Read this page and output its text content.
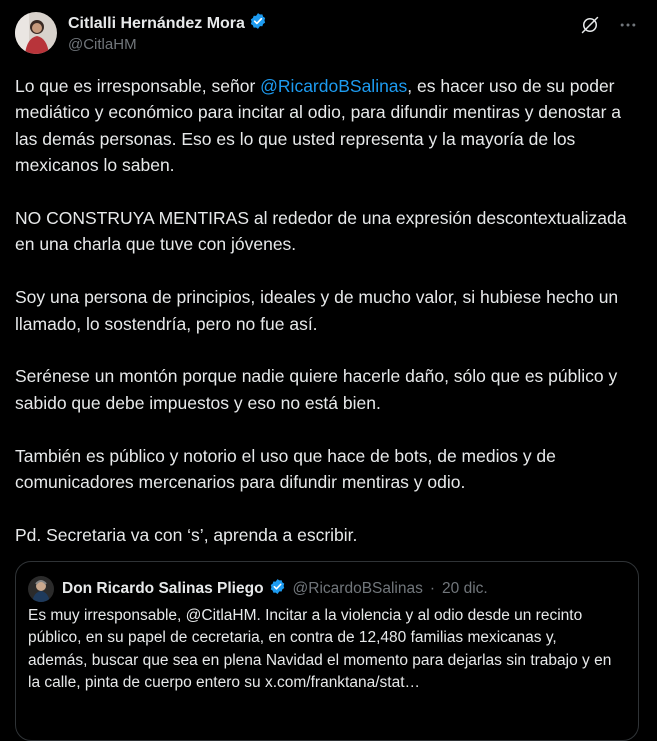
Citlalli Hernández Mora
@CitlaHM

Lo que es irresponsable, señor @RicardoBSalinas, es hacer uso de su poder mediático y económico para incitar al odio, para difundir mentiras y denostar a las demás personas. Eso es lo que usted representa y la mayoría de los mexicanos lo saben.

NO CONSTRUYA MENTIRAS al rededor de una expresión descontextualizada en una charla que tuve con jóvenes.

Soy una persona de principios, ideales y de mucho valor, si hubiese hecho un llamado, lo sostendría, pero no fue así.

Serénese un montón porque nadie quiere hacerle daño, sólo que es público y sabido que debe impuestos y eso no está bien.

También es público y notorio el uso que hace de bots, de medios y de comunicadores mercenarios para difundir mentiras y odio.

Pd. Secretaria va con ‘s’, aprenda a escribir.

Don Ricardo Salinas Pliego @RicardoBSalinas · 20 dic.
Es muy irresponsable, @CitlaHM. Incitar a la violencia y al odio desde un recinto público, en su papel de cecretaria, en contra de 12,480 familias mexicanas y, además, buscar que sea en plena Navidad el momento para dejarlas sin trabajo y en la calle, pinta de cuerpo entero su x.com/franktana/stat…
